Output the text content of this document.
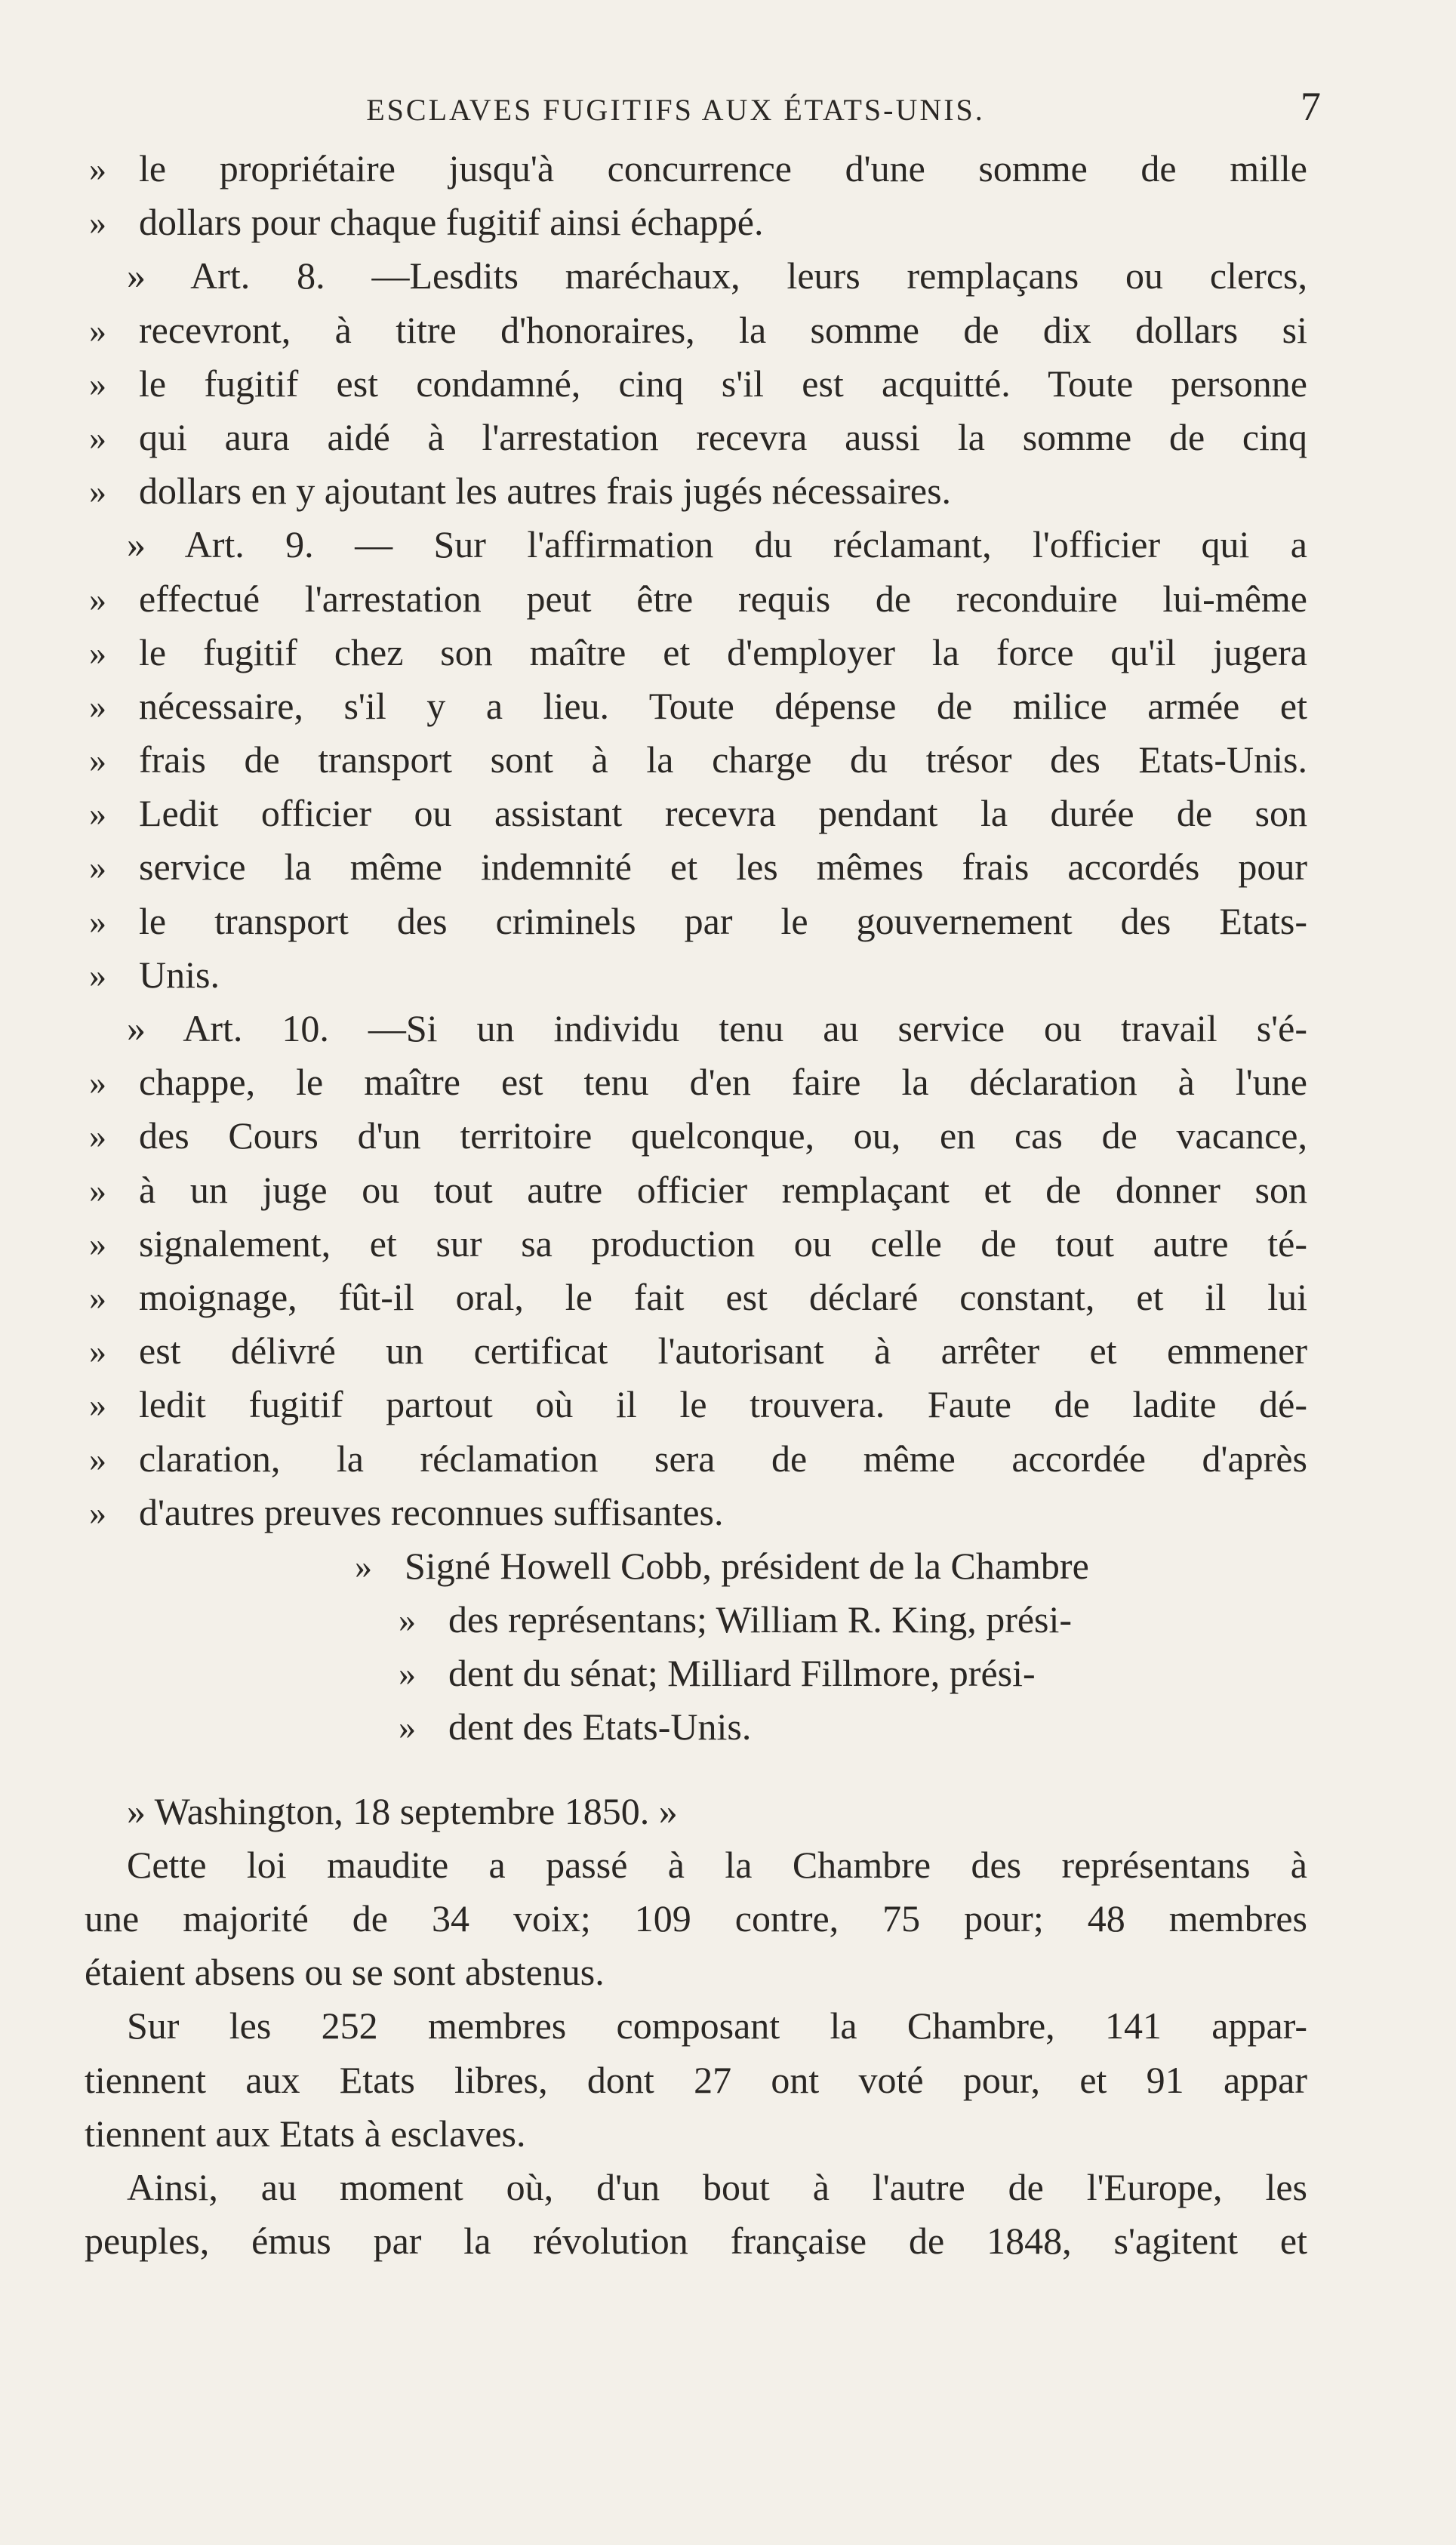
ESCLAVES FUGITIFS AUX ÉTATS-UNIS.	7
» le propriétaire jusqu'à concurrence d'une somme de mille
» dollars pour chaque fugitif ainsi échappé.
» Art. 8. —Lesdits maréchaux, leurs remplaçans ou clercs,
» recevront, à titre d'honoraires, la somme de dix dollars si
» le fugitif est condamné, cinq s'il est acquitté. Toute personne
» qui aura aidé à l'arrestation recevra aussi la somme de cinq
» dollars en y ajoutant les autres frais jugés nécessaires.
» Art. 9. — Sur l'affirmation du réclamant, l'officier qui a
» effectué l'arrestation peut être requis de reconduire lui-même
» le fugitif chez son maître et d'employer la force qu'il jugera
» nécessaire, s'il y a lieu. Toute dépense de milice armée et
» frais de transport sont à la charge du trésor des Etats-Unis.
» Ledit officier ou assistant recevra pendant la durée de son
» service la même indemnité et les mêmes frais accordés pour
» le transport des criminels par le gouvernement des Etats-
» Unis.
» Art. 10. —Si un individu tenu au service ou travail s'é-
» chappe, le maître est tenu d'en faire la déclaration à l'une
» des Cours d'un territoire quelconque, ou, en cas de vacance,
» à un juge ou tout autre officier remplaçant et de donner son
» signalement, et sur sa production ou celle de tout autre té-
» moignage, fût-il oral, le fait est déclaré constant, et il lui
» est délivré un certificat l'autorisant à arrêter et emmener
» ledit fugitif partout où il le trouvera. Faute de ladite dé-
» claration, la réclamation sera de même accordée d'après
» d'autres preuves reconnues suffisantes.
» Signé Howell Cobb, président de la Chambre
» des représentans; William R. King, prési-
» dent du sénat; Milliard Fillmore, prési-
» dent des Etats-Unis.
» Washington, 18 septembre 1850. »
Cette loi maudite a passé à la Chambre des représentans à
une majorité de 34 voix; 109 contre, 75 pour; 48 membres
étaient absens ou se sont abstenus.
Sur les 252 membres composant la Chambre, 141 appar-
tiennent aux Etats libres, dont 27 ont voté pour, et 91 appar
tiennent aux Etats à esclaves.
Ainsi, au moment où, d'un bout à l'autre de l'Europe, les
peuples, émus par la révolution française de 1848, s'agitent et
